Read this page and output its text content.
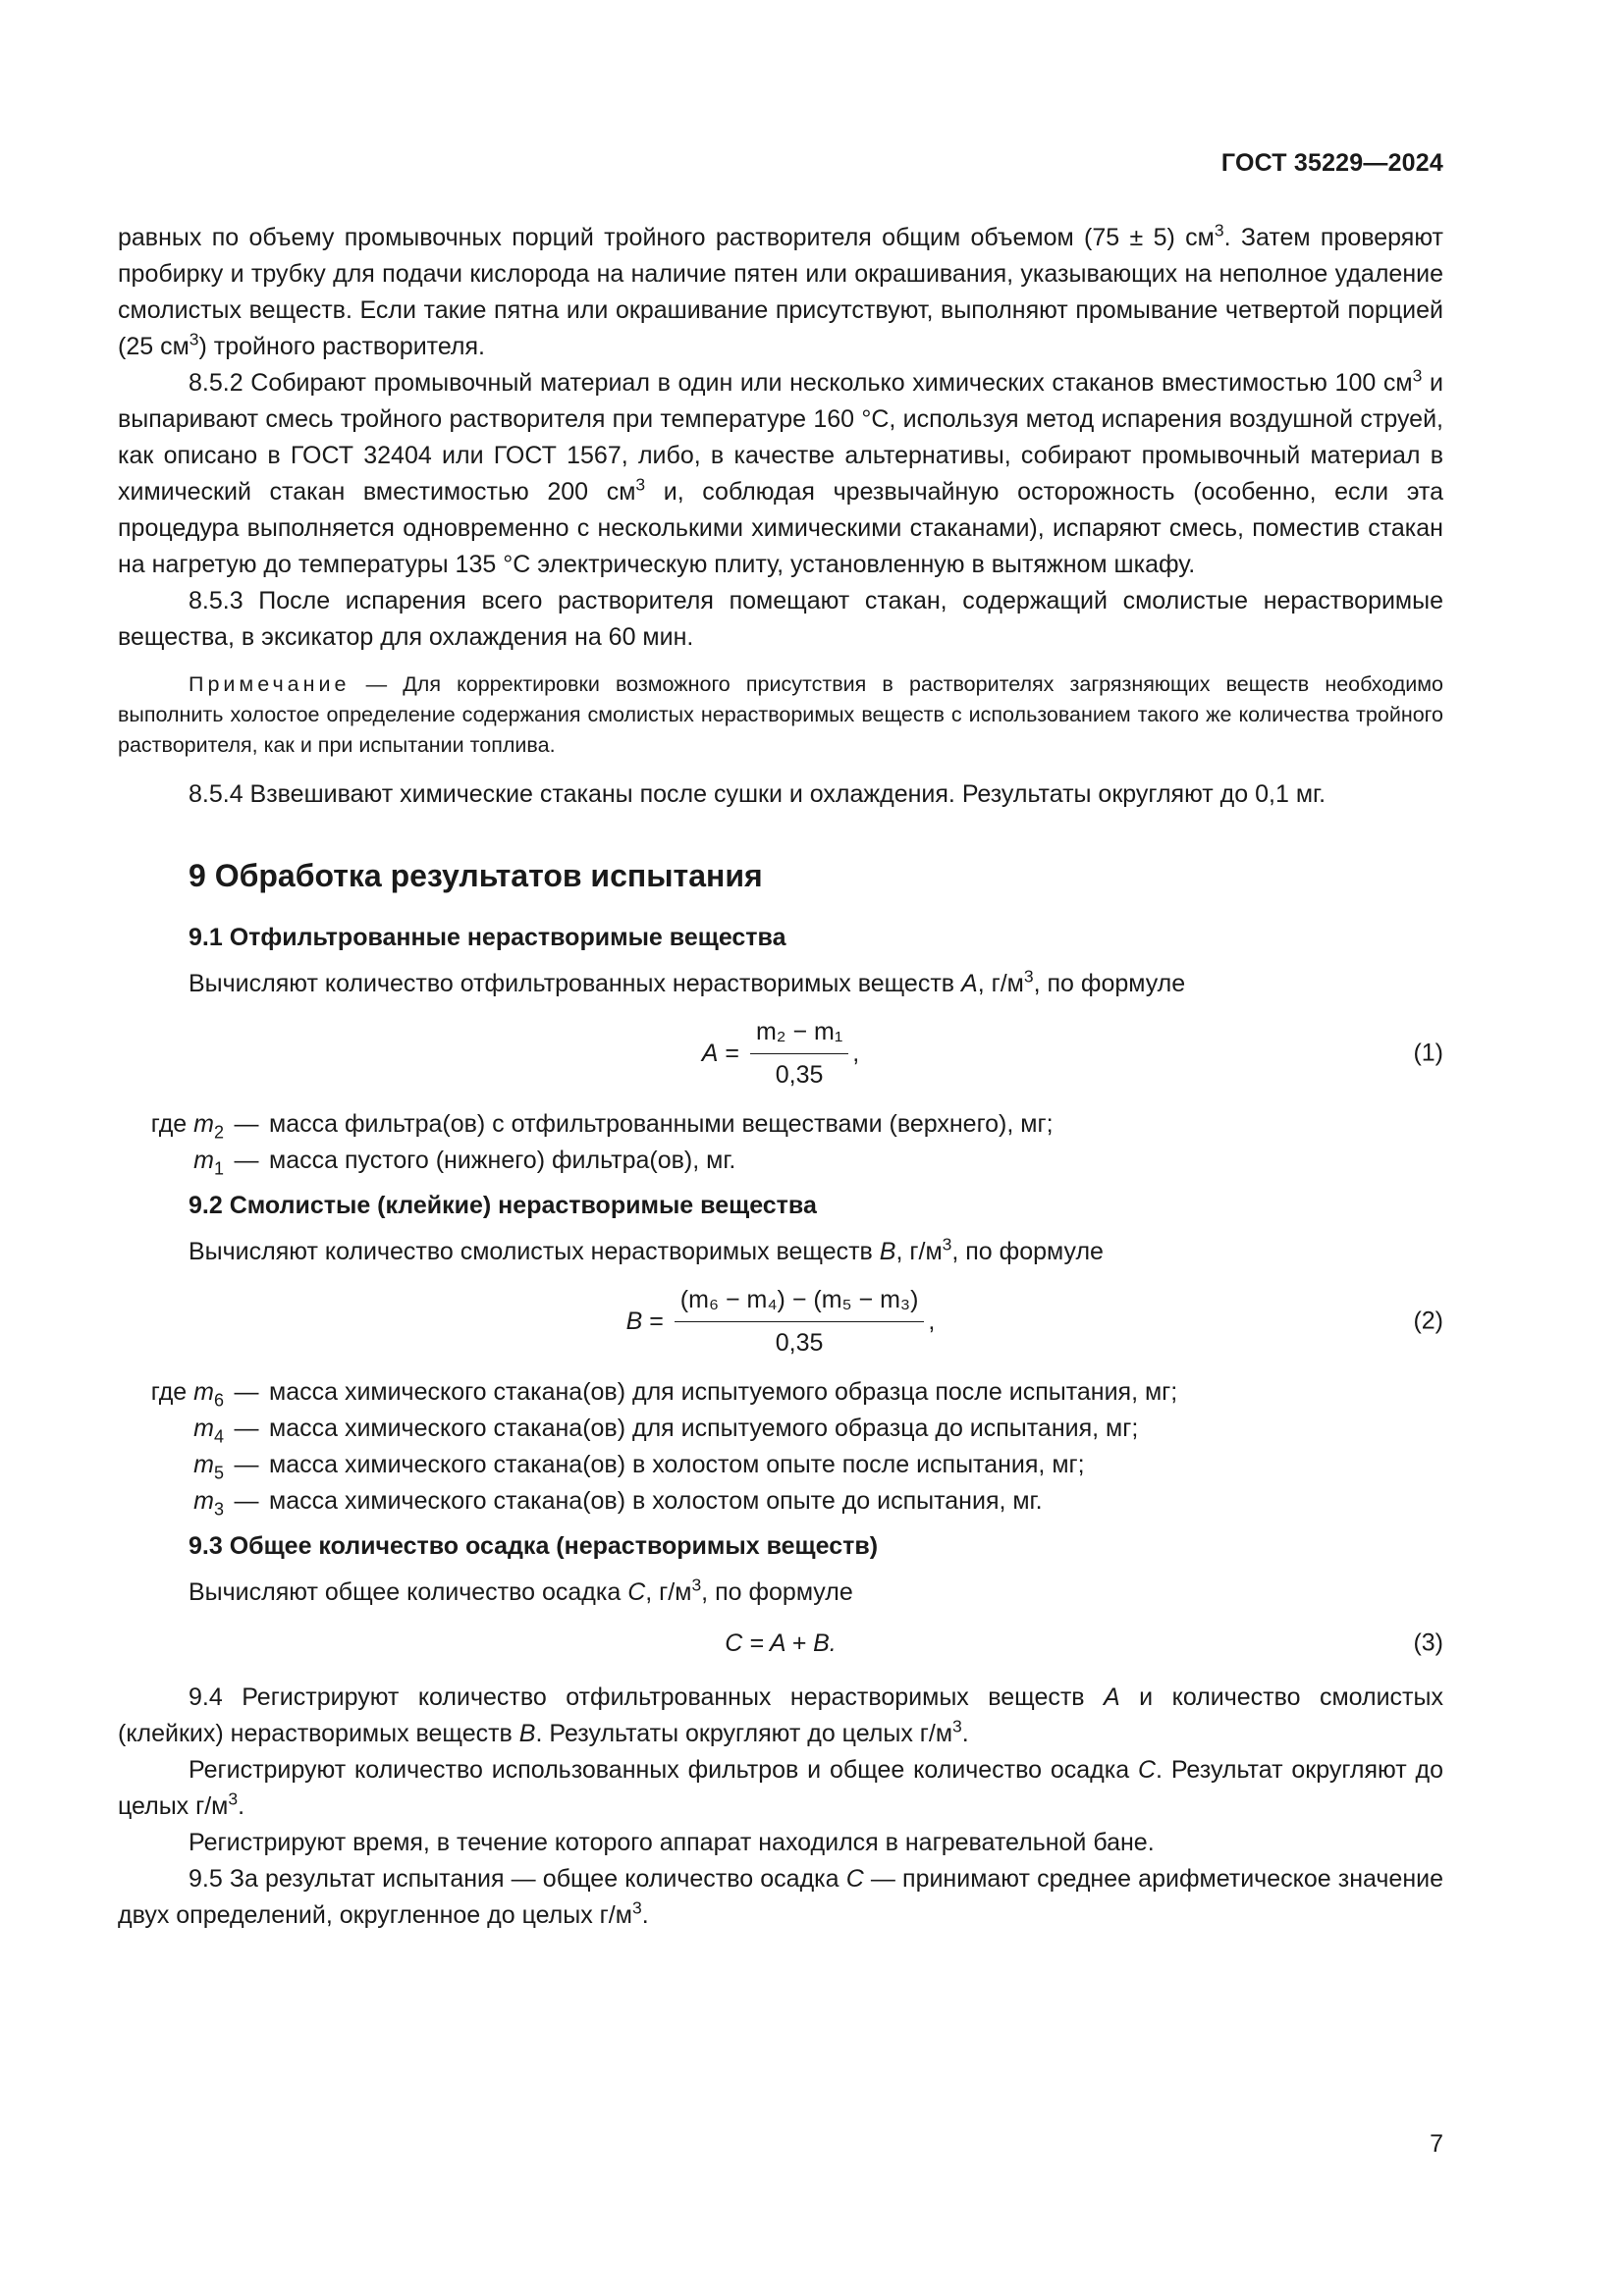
ГОСТ 35229—2024

равных по объему промывочных порций тройного растворителя общим объемом (75 ± 5) $см^3$. Затем проверяют пробирку и трубку для подачи кислорода на наличие пятен или окрашивания, указывающих на неполное удаление смолистых веществ. Если такие пятна или окрашивание присутствуют, выполняют промывание четвертой порцией (25 $см^3$) тройного растворителя.

8.5.2 Собирают промывочный материал в один или несколько химических стаканов вместимостью 100 $см^3$ и выпаривают смесь тройного растворителя при температуре 160 °С, используя метод испарения воздушной струей, как описано в ГОСТ 32404 или ГОСТ 1567, либо, в качестве альтернативы, собирают промывочный материал в химический стакан вместимостью 200 $см^3$ и, соблюдая чрезвычайную осторожность (особенно, если эта процедура выполняется одновременно с несколькими химическими стаканами), испаряют смесь, поместив стакан на нагретую до температуры 135 °С электрическую плиту, установленную в вытяжном шкафу.

8.5.3 После испарения всего растворителя помещают стакан, содержащий смолистые нерастворимые вещества, в эксикатор для охлаждения на 60 мин.

Примечание — Для корректировки возможного присутствия в растворителях загрязняющих веществ необходимо выполнить холостое определение содержания смолистых нерастворимых веществ с использованием такого же количества тройного растворителя, как и при испытании топлива.

8.5.4 Взвешивают химические стаканы после сушки и охлаждения. Результаты округляют до 0,1 мг.

9 Обработка результатов испытания
9.1 Отфильтрованные нерастворимые вещества

Вычисляют количество отфильтрованных нерастворимых веществ A, $г/м^3$, по формуле

$A = \frac{\text{m₂ − m₁}}{0,35}$ ,	(1)
где $m_2$ — масса фильтра(ов) с отфильтрованными веществами (верхнего), мг;
$m_1$ — масса пустого (нижнего) фильтра(ов), мг.
9.2 Смолистые (клейкие) нерастворимые вещества

Вычисляют количество смолистых нерастворимых веществ B, $г/м^3$, по формуле

$B = \frac{\text{(m₆ − m₄) − (m₅ − m₃)}}{0,35}$ ,	(2)
где $m_6$ — масса химического стакана(ов) для испытуемого образца после испытания, мг;
$m_4$ — масса химического стакана(ов) для испытуемого образца до испытания, мг;
$m_5$ — масса химического стакана(ов) в холостом опыте после испытания, мг;
$m_3$ — масса химического стакана(ов) в холостом опыте до испытания, мг.
9.3 Общее количество осадка (нерастворимых веществ)

Вычисляют общее количество осадка C, $г/м^3$, по формуле

C = A + B.	(3)

9.4 Регистрируют количество отфильтрованных нерастворимых веществ A и количество смолистых (клейких) нерастворимых веществ B. Результаты округляют до целых $г/м^3$.

Регистрируют количество использованных фильтров и общее количество осадка C. Результат округляют до целых $г/м^3$.

Регистрируют время, в течение которого аппарат находился в нагревательной бане.

9.5 За результат испытания — общее количество осадка C — принимают среднее арифметическое значение двух определений, округленное до целых $г/м^3$.

7
